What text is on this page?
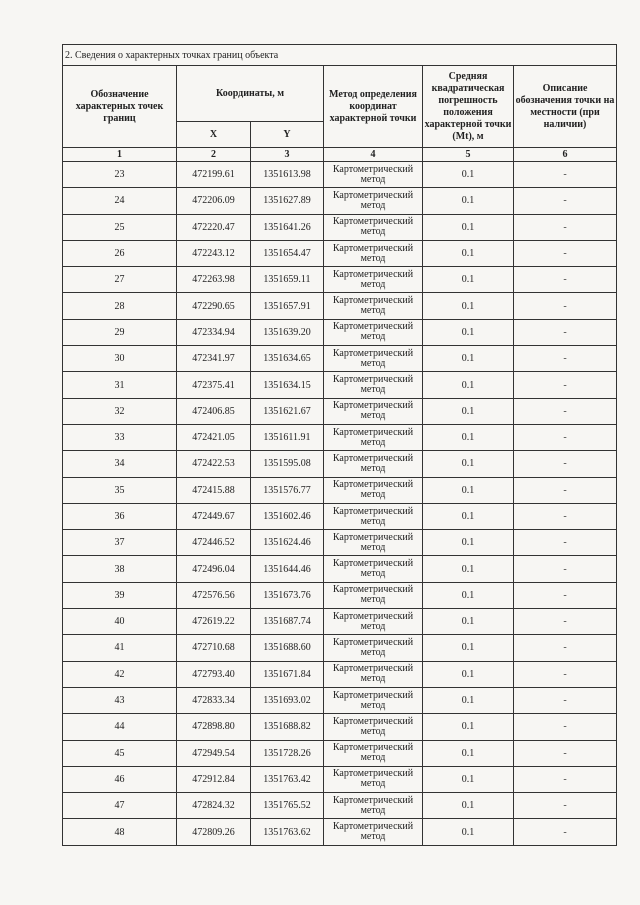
2. Сведения о характерных точках границ объекта					
Обозначение характерных точек границ	Координаты, м		Метод определения координат характерной точки	Средняя квадратическая погрешность положения характерной точки (Mt), м	Описание обозначения точки на местности (при наличии)
	X	Y			
1	2	3	4	5	6
23	472199.61	1351613.98	Картометрический метод	0.1	-
24	472206.09	1351627.89	Картометрический метод	0.1	-
25	472220.47	1351641.26	Картометрический метод	0.1	-
26	472243.12	1351654.47	Картометрический метод	0.1	-
27	472263.98	1351659.11	Картометрический метод	0.1	-
28	472290.65	1351657.91	Картометрический метод	0.1	-
29	472334.94	1351639.20	Картометрический метод	0.1	-
30	472341.97	1351634.65	Картометрический метод	0.1	-
31	472375.41	1351634.15	Картометрический метод	0.1	-
32	472406.85	1351621.67	Картометрический метод	0.1	-
33	472421.05	1351611.91	Картометрический метод	0.1	-
34	472422.53	1351595.08	Картометрический метод	0.1	-
35	472415.88	1351576.77	Картометрический метод	0.1	-
36	472449.67	1351602.46	Картометрический метод	0.1	-
37	472446.52	1351624.46	Картометрический метод	0.1	-
38	472496.04	1351644.46	Картометрический метод	0.1	-
39	472576.56	1351673.76	Картометрический метод	0.1	-
40	472619.22	1351687.74	Картометрический метод	0.1	-
41	472710.68	1351688.60	Картометрический метод	0.1	-
42	472793.40	1351671.84	Картометрический метод	0.1	-
43	472833.34	1351693.02	Картометрический метод	0.1	-
44	472898.80	1351688.82	Картометрический метод	0.1	-
45	472949.54	1351728.26	Картометрический метод	0.1	-
46	472912.84	1351763.42	Картометрический метод	0.1	-
47	472824.32	1351765.52	Картометрический метод	0.1	-
48	472809.26	1351763.62	Картометрический метод	0.1	-
